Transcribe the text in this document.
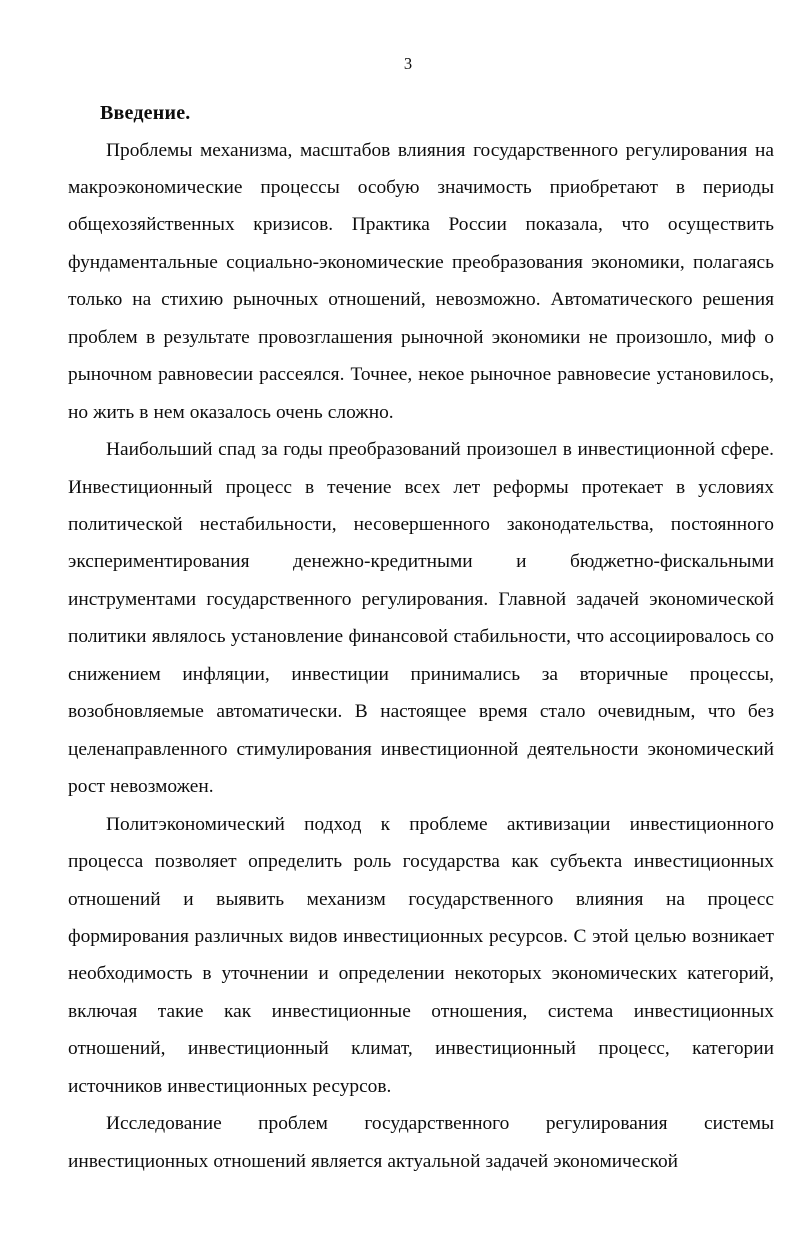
3
Введение.

Проблемы механизма, масштабов влияния государственного регулирования на макроэкономические процессы особую значимость приобретают в периоды общехозяйственных кризисов. Практика России показала, что осуществить фундаментальные социально-экономические преобразования экономики, полагаясь только на стихию рыночных отношений, невозможно. Автоматического решения проблем в результате провозглашения рыночной экономики не произошло, миф о рыночном равновесии рассеялся. Точнее, некое рыночное равновесие установилось, но жить в нем оказалось очень сложно.

Наибольший спад за годы преобразований произошел в инвестиционной сфере. Инвестиционный процесс в течение всех лет реформы протекает в условиях политической нестабильности, несовершенного законодательства, постоянного экспериментирования денежно-кредитными и бюджетно-фискальными инструментами государственного регулирования. Главной задачей экономической политики являлось установление финансовой стабильности, что ассоциировалось со снижением инфляции, инвестиции принимались за вторичные процессы, возобновляемые автоматически. В настоящее время стало очевидным, что без целенаправленного стимулирования инвестиционной деятельности экономический рост невозможен.

Политэкономический подход к проблеме активизации инвестиционного процесса позволяет определить роль государства как субъекта инвестиционных отношений и выявить механизм государственного влияния на процесс формирования различных видов инвестиционных ресурсов. С этой целью возникает необходимость в уточнении и определении некоторых экономических категорий, включая такие как инвестиционные отношения, система инвестиционных отношений, инвестиционный климат, инвестиционный процесс, категории источников инвестиционных ресурсов.

Исследование проблем государственного регулирования системы инвестиционных отношений является актуальной задачей экономической
